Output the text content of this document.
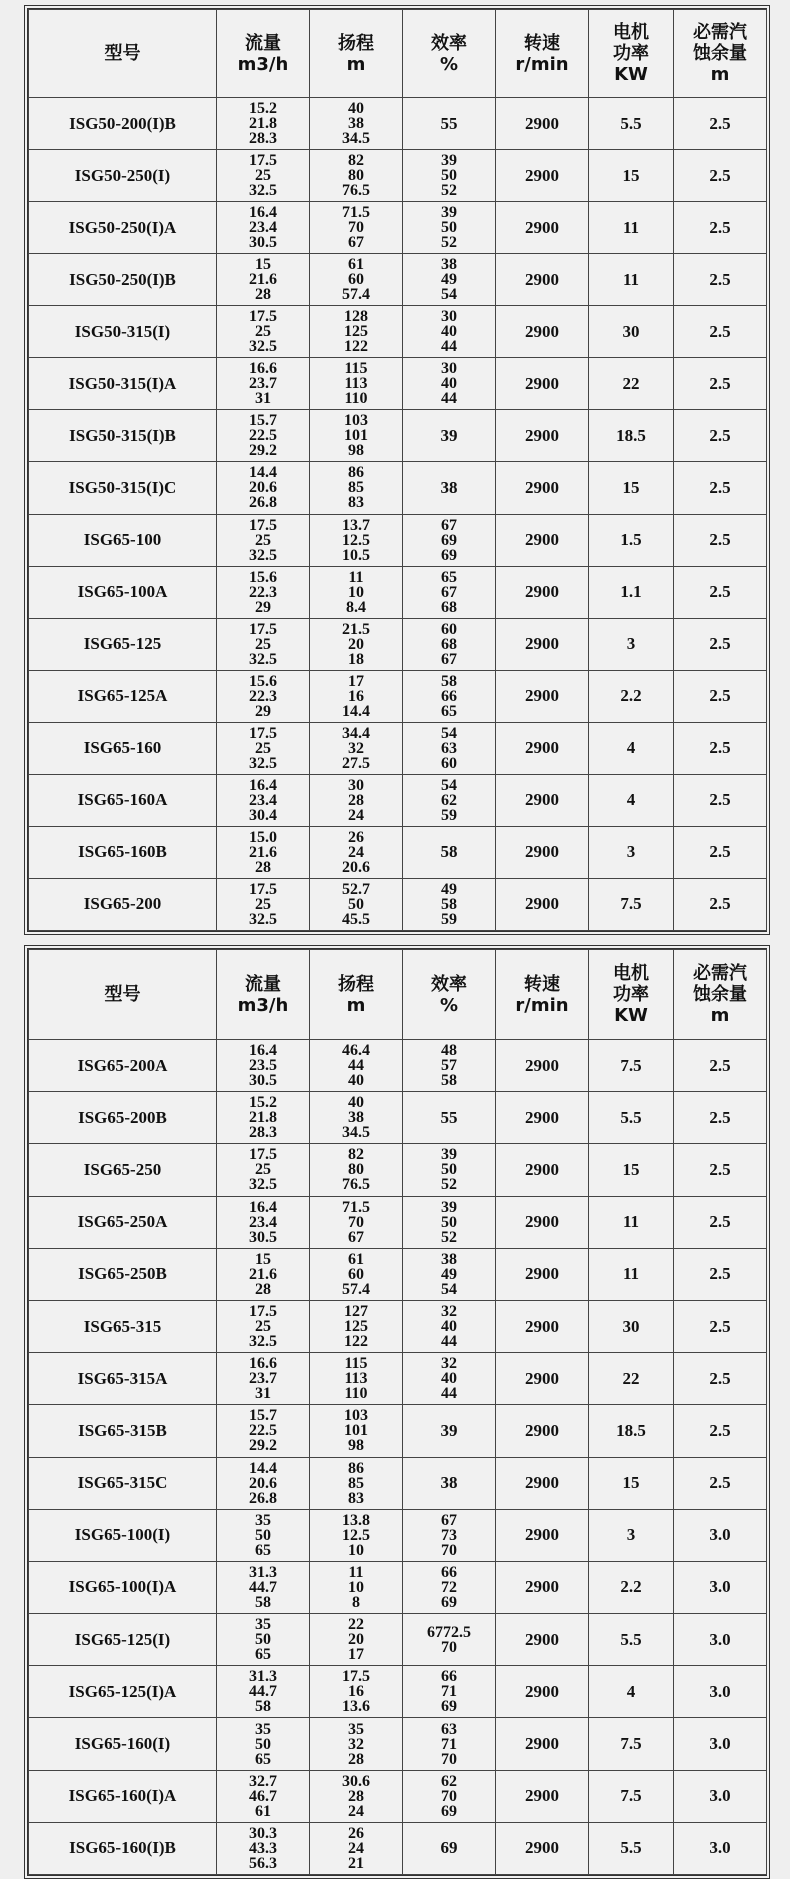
型号	流量
m3/h	扬程
m	效率
%	转速
r/min	电机
功率
KW	必需汽
蚀余量
m

ISG50-200(I)B	15.2
21.8
28.3	40
38
34.5	55	2900	5.5	2.5
ISG50-250(I)	17.5
25
32.5	82
80
76.5	39
50
52	2900	15	2.5
ISG50-250(I)A	16.4
23.4
30.5	71.5
70
67	39
50
52	2900	11	2.5
ISG50-250(I)B	15
21.6
28	61
60
57.4	38
49
54	2900	11	2.5
ISG50-315(I)	17.5
25
32.5	128
125
122	30
40
44	2900	30	2.5
ISG50-315(I)A	16.6
23.7
31	115
113
110	30
40
44	2900	22	2.5
ISG50-315(I)B	15.7
22.5
29.2	103
101
98	39	2900	18.5	2.5
ISG50-315(I)C	14.4
20.6
26.8	86
85
83	38	2900	15	2.5
ISG65-100	17.5
25
32.5	13.7
12.5
10.5	67
69
69	2900	1.5	2.5
ISG65-100A	15.6
22.3
29	11
10
8.4	65
67
68	2900	1.1	2.5
ISG65-125	17.5
25
32.5	21.5
20
18	60
68
67	2900	3	2.5
ISG65-125A	15.6
22.3
29	17
16
14.4	58
66
65	2900	2.2	2.5
ISG65-160	17.5
25
32.5	34.4
32
27.5	54
63
60	2900	4	2.5
ISG65-160A	16.4
23.4
30.4	30
28
24	54
62
59	2900	4	2.5
ISG65-160B	15.0
21.6
28	26
24
20.6	58	2900	3	2.5
ISG65-200	17.5
25
32.5	52.7
50
45.5	49
58
59	2900	7.5	2.5
型号	流量
m3/h	扬程
m	效率
%	转速
r/min	电机
功率
KW	必需汽
蚀余量
m

ISG65-200A	16.4
23.5
30.5	46.4
44
40	48
57
58	2900	7.5	2.5
ISG65-200B	15.2
21.8
28.3	40
38
34.5	55	2900	5.5	2.5
ISG65-250	17.5
25
32.5	82
80
76.5	39
50
52	2900	15	2.5
ISG65-250A	16.4
23.4
30.5	71.5
70
67	39
50
52	2900	11	2.5
ISG65-250B	15
21.6
28	61
60
57.4	38
49
54	2900	11	2.5
ISG65-315	17.5
25
32.5	127
125
122	32
40
44	2900	30	2.5
ISG65-315A	16.6
23.7
31	115
113
110	32
40
44	2900	22	2.5
ISG65-315B	15.7
22.5
29.2	103
101
98	39	2900	18.5	2.5
ISG65-315C	14.4
20.6
26.8	86
85
83	38	2900	15	2.5
ISG65-100(I)	35
50
65	13.8
12.5
10	67
73
70	2900	3	3.0
ISG65-100(I)A	31.3
44.7
58	11
10
8	66
72
69	2900	2.2	3.0
ISG65-125(I)	35
50
65	22
20
17	6772.5
70	2900	5.5	3.0
ISG65-125(I)A	31.3
44.7
58	17.5
16
13.6	66
71
69	2900	4	3.0
ISG65-160(I)	35
50
65	35
32
28	63
71
70	2900	7.5	3.0
ISG65-160(I)A	32.7
46.7
61	30.6
28
24	62
70
69	2900	7.5	3.0
ISG65-160(I)B	30.3
43.3
56.3	26
24
21	69	2900	5.5	3.0
